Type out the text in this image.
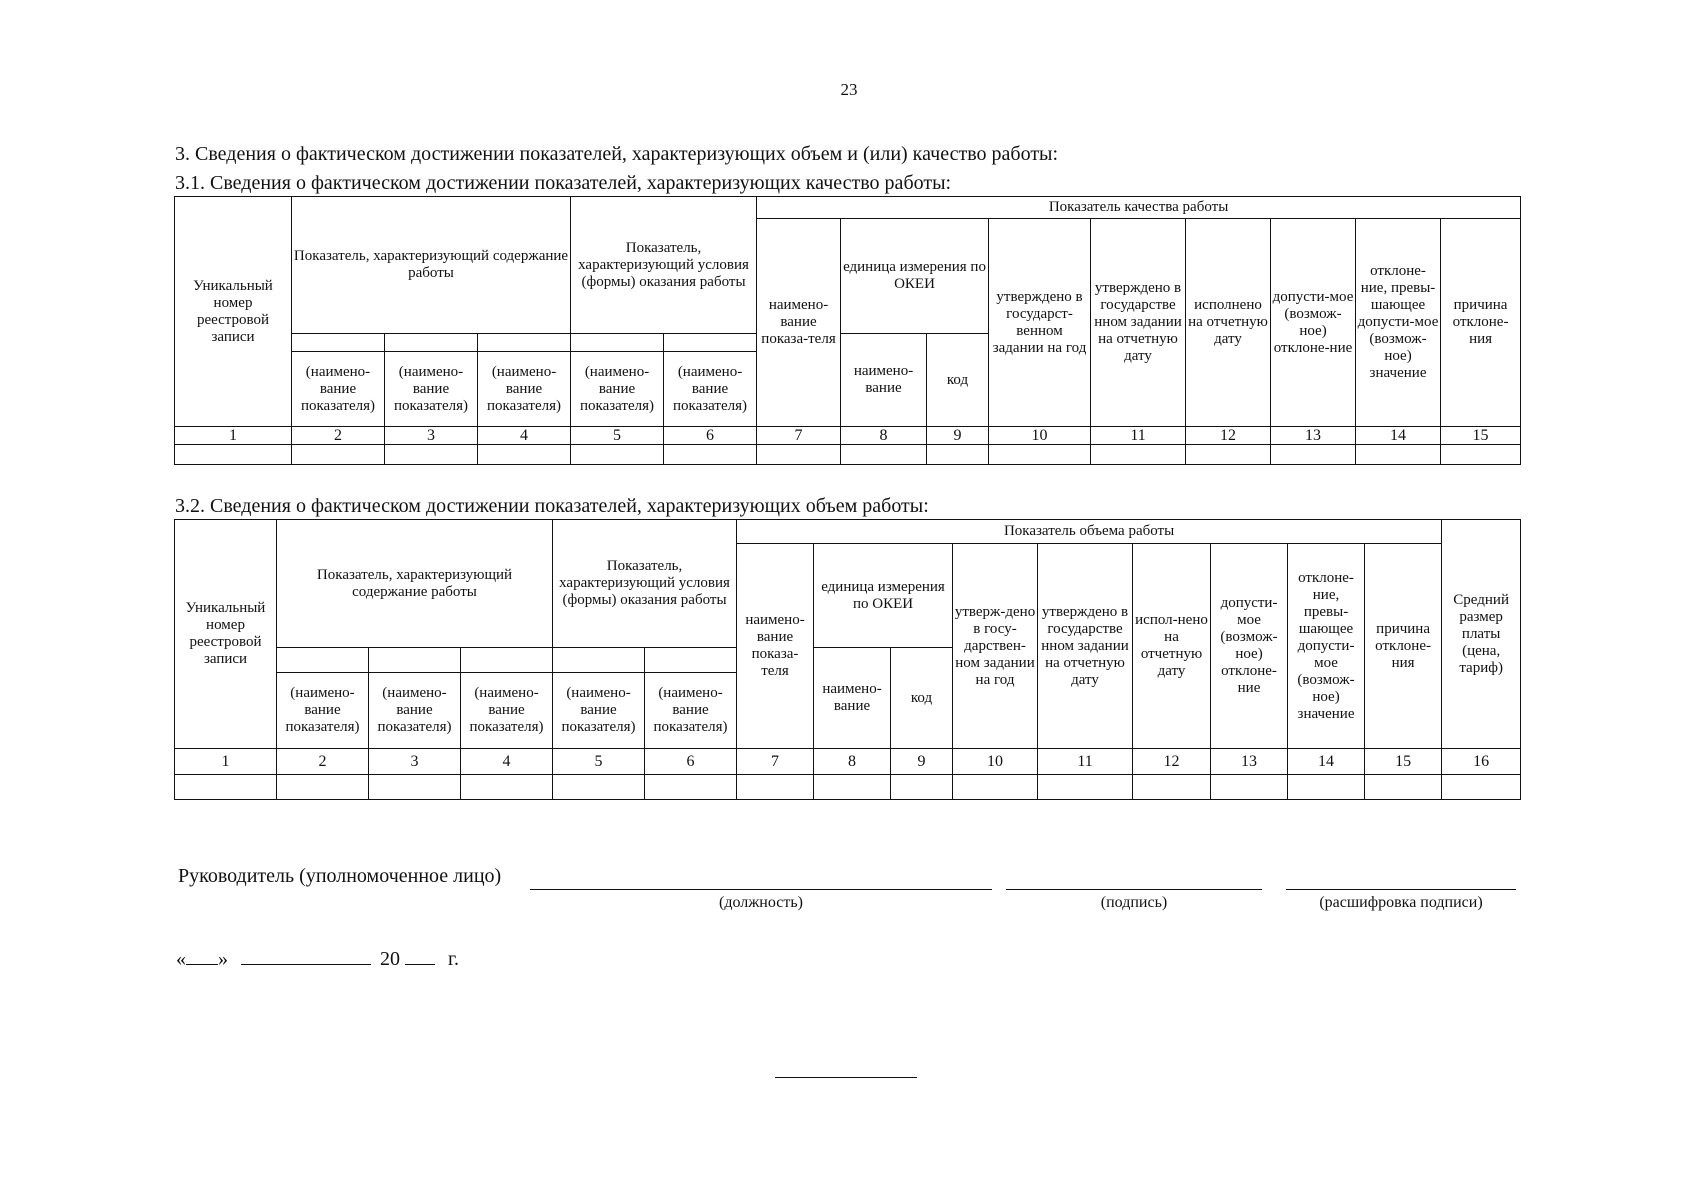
23
3. Сведения о фактическом достижении показателей, характеризующих объем и (или) качество работы:
3.1. Сведения о фактическом достижении показателей, характеризующих качество работы:
Уникальный номер реестровой записи	Показатель, характеризующий содержание работы			Показатель, характеризующий условия (формы) оказания работы		Показатель качества работы								
						наимено-вание показа-теля	единица измерения по ОКЕИ		утверждено в государст-венном задании на год	утверждено в государстве нном задании на отчетную дату	исполнено на отчетную дату	допусти-мое (возмож-ное) отклоне-ние	отклоне-ние, превы-шающее допусти-мое (возмож-ное) значение	причина отклоне-ния
							наимено-вание	код						
	(наимено-вание показателя)	(наимено-вание показателя)	(наимено-вание показателя)	(наимено-вание показателя)	(наимено-вание показателя)									
1	2	3	4	5	6	7	8	9	10	11	12	13	14	15

3.2. Сведения о фактическом достижении показателей, характеризующих объем работы:
Уникальный номер реестровой записи	Показатель, характеризующий содержание работы			Показатель, характеризующий условия (формы) оказания работы		Показатель объема работы									Средний размер платы (цена, тариф)
						наимено-вание показа-теля	единица измерения по ОКЕИ		утверж-дено в госу-дарствен-ном задании на год	утверждено в государстве нном задании на отчетную дату	испол-нено на отчетную дату	допусти-мое (возмож-ное) отклоне-ние	отклоне-ние, превы-шающее допусти-мое (возмож-ное) значение	причина отклоне-ния	
							наимено-вание	код							
	(наимено-вание показателя)	(наимено-вание показателя)	(наимено-вание показателя)	(наимено-вание показателя)	(наимено-вание показателя)										
1	2	3	4	5	6	7	8	9	10	11	12	13	14	15	16

Руководитель (уполномоченное лицо)
(должность)	(подпись)	(расшифровка подписи)
« »	20 г.
